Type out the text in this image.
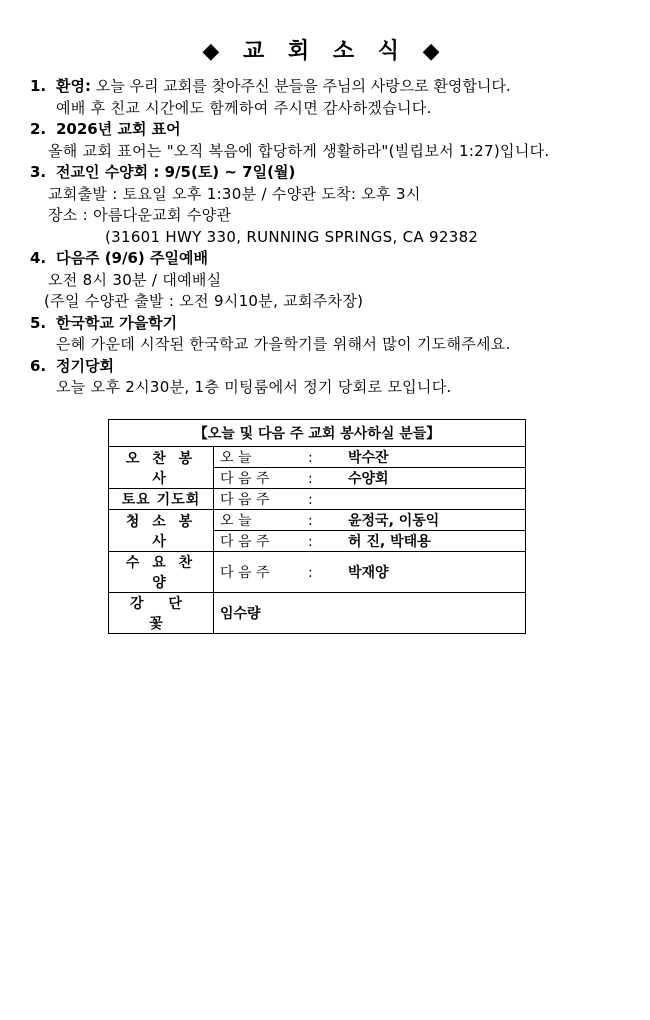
◆ 교 회 소 식 ◆
1. 환영: 오늘 우리 교회를 찾아주신 분들을 주님의 사랑으로 환영합니다.
예배 후 친교 시간에도 함께하여 주시면 감사하겠습니다.
2. 2026년 교회 표어
올해 교회 표어는 "오직 복음에 합당하게 생활하라"(빌립보서 1:27)입니다.
3. 전교인 수양회 : 9/5(토) ~ 7일(월)
교회출발 : 토요일 오후 1:30분 / 수양관 도착: 오후 3시
장소 : 아름다운교회 수양관
(31601 HWY 330, RUNNING SPRINGS, CA 92382
4. 다음주 (9/6) 주일예배
오전 8시 30분 / 대예배실
(주일 수양관 출발 : 오전 9시10분, 교회주차장)
5. 한국학교 가을학기
은혜 가운데 시작된 한국학교 가을학기를 위해서 많이 기도해주세요.
6. 정기당회
오늘 오후 2시30분, 1층 미팅룸에서 정기 당회로 모입니다.
【오늘 및 다음 주 교회 봉사하실 분들】	
오 찬 봉 사	오 늘 : 박수잔
	다 음 주 : 수양회
토요 기도회	다 음 주 :
청 소 봉 사	오 늘 : 윤정국, 이동익
	다 음 주 : 허 진, 박태용
수 요 찬 양	다 음 주 : 박재양
강 단 꽃	임수량
